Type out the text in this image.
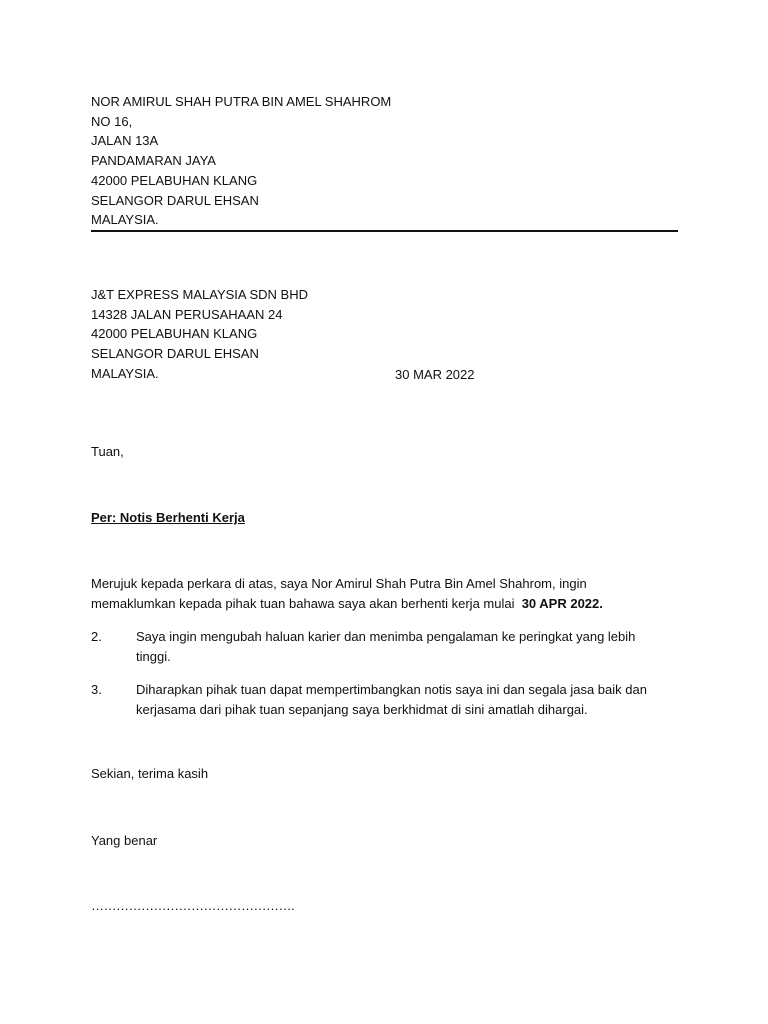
NOR AMIRUL SHAH PUTRA BIN AMEL SHAHROM
NO 16,
JALAN 13A
PANDAMARAN JAYA
42000 PELABUHAN KLANG
SELANGOR DARUL EHSAN
MALAYSIA.
J&T EXPRESS MALAYSIA SDN BHD
14328 JALAN PERUSAHAAN 24
42000 PELABUHAN KLANG
SELANGOR DARUL EHSAN
MALAYSIA.	30 MAR 2022
Tuan,
Per: Notis Berhenti Kerja
Merujuk kepada perkara di atas, saya Nor Amirul Shah Putra Bin Amel Shahrom, ingin
memaklumkan kepada pihak tuan bahawa saya akan berhenti kerja mulai  30 APR 2022.
2.	Saya ingin mengubah haluan karier dan menimba pengalaman ke peringkat yang lebih
tinggi.
3.	Diharapkan pihak tuan dapat mempertimbangkan notis saya ini dan segala jasa baik dan
kerjasama dari pihak tuan sepanjang saya berkhidmat di sini amatlah dihargai.
Sekian, terima kasih
Yang benar
………………………………………….
